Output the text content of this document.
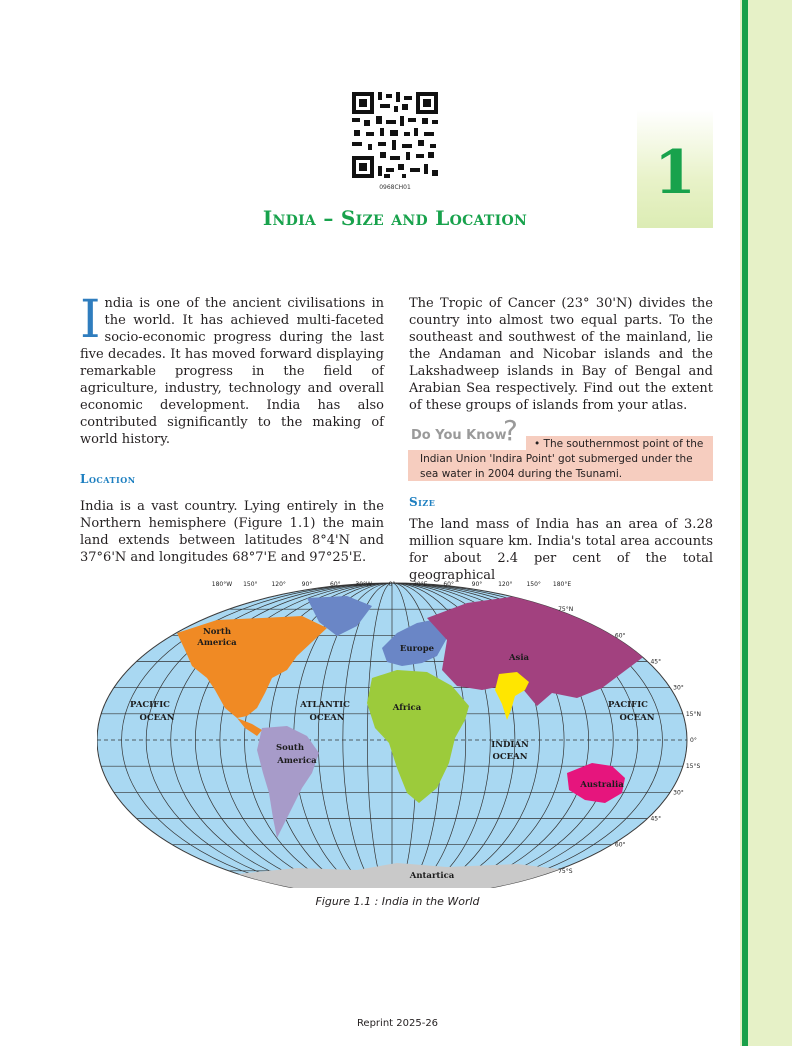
0968CH01	1
India – Size and Location
India is one of the ancient civilisations in the world. It has achieved multi-faceted socio-economic progress during the last five decades. It has moved forward displaying remarkable progress in the field of agriculture, industry, technology and overall economic development. India has also contributed significantly to the making of world history.
Location
India is a vast country. Lying entirely in the Northern hemisphere (Figure 1.1) the main land extends between latitudes 8°4'N and 37°6'N and longitudes 68°7'E and 97°25'E.
The Tropic of Cancer (23° 30'N) divides the country into almost two equal parts. To the southeast and southwest of the mainland, lie the Andaman and Nicobar islands and the Lakshadweep islands in Bay of Bengal and Arabian Sea respectively. Find out the extent of these groups of islands from your atlas.
Do You Know
?	• The southernmost point of the Indian Union 'Indira Point' got submerged under the sea water in 2004 during the Tsunami.
Size
The land mass of India has an area of 3.28 million square km. India's total area accounts for about 2.4 per cent of the total geographical
180°W 150° 120°	90°	60° 30°W	0°	30°E	60°	90°	120° 150° 180°E
75°N
60°
45°
30°
15°N
0°
15°S
30°
45°
60°
75°S
North
America
South
America
Europe
Asia
Africa
Australia
Antartica
PACIFIC
OCEAN
ATLANTIC
OCEAN
PACIFIC
OCEAN
INDIAN
OCEAN
Figure 1.1 : India in the World
Reprint 2025-26
